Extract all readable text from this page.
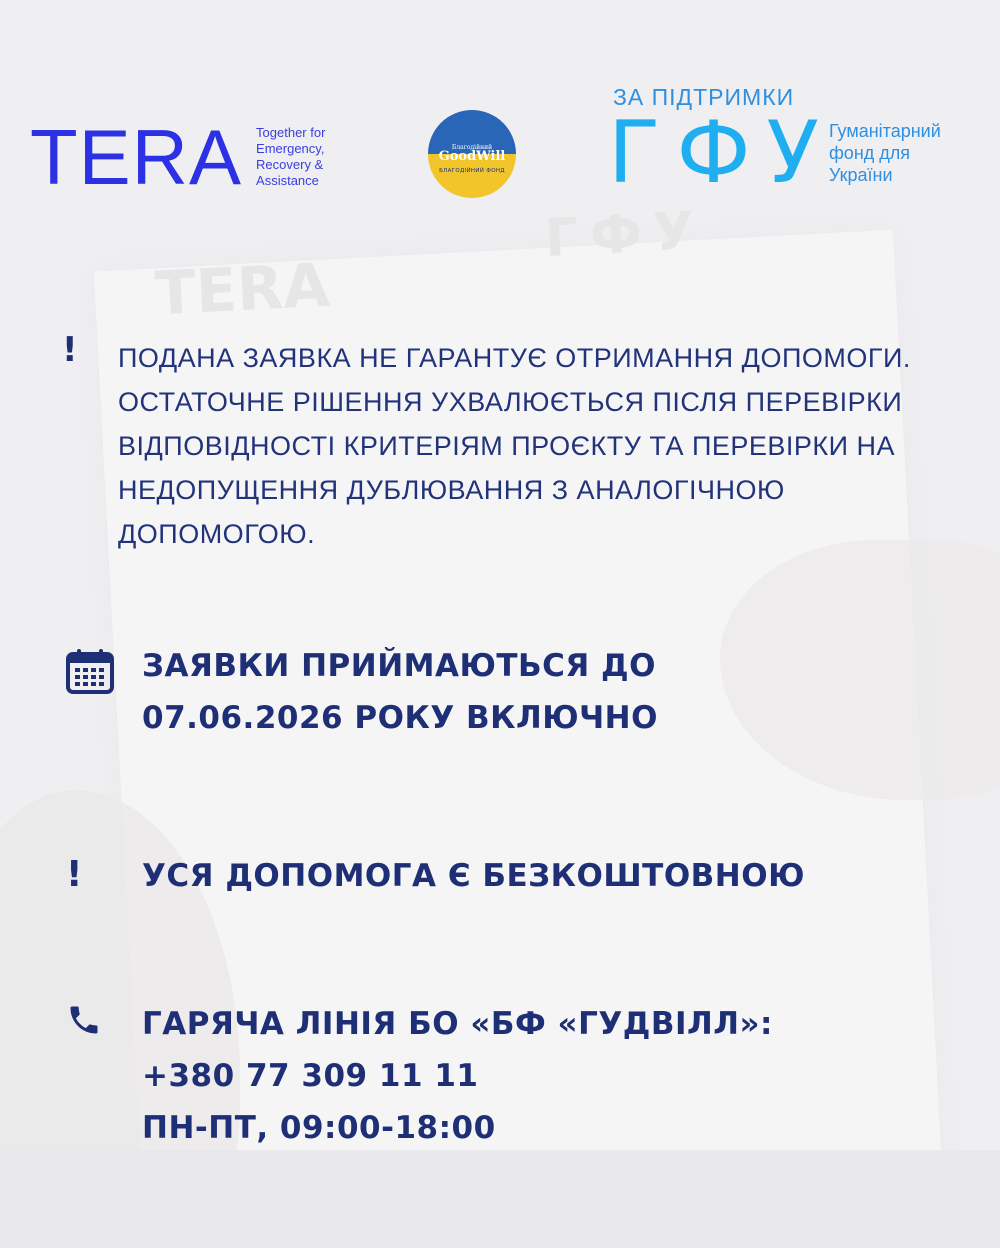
TERA Together for
Emergency,
Recovery &
Assistance
Благодійний
GoodWill
БЛАГОДІЙНИЙ ФОНД
ЗА ПІДТРИМКИ
ГФУ
Гуманітарний
фонд для
України
! ПОДАНА ЗАЯВКА НЕ ГАРАНТУЄ ОТРИМАННЯ ДОПОМОГИ.
ОСТАТОЧНЕ РІШЕННЯ УХВАЛЮЄТЬСЯ ПІСЛЯ ПЕРЕВІРКИ
ВІДПОВІДНОСТІ КРИТЕРІЯМ ПРОЄКТУ ТА ПЕРЕВІРКИ НА
НЕДОПУЩЕННЯ ДУБЛЮВАННЯ З АНАЛОГІЧНОЮ
ДОПОМОГОЮ.
ЗАЯВКИ ПРИЙМАЮТЬСЯ ДО
07.06.2026 РОКУ ВКЛЮЧНО
! УСЯ ДОПОМОГА Є БЕЗКОШТОВНОЮ
ГАРЯЧА ЛІНІЯ БО «БФ «ГУДВІЛЛ»:
+380 77 309 11 11
ПН-ПТ, 09:00-18:00
